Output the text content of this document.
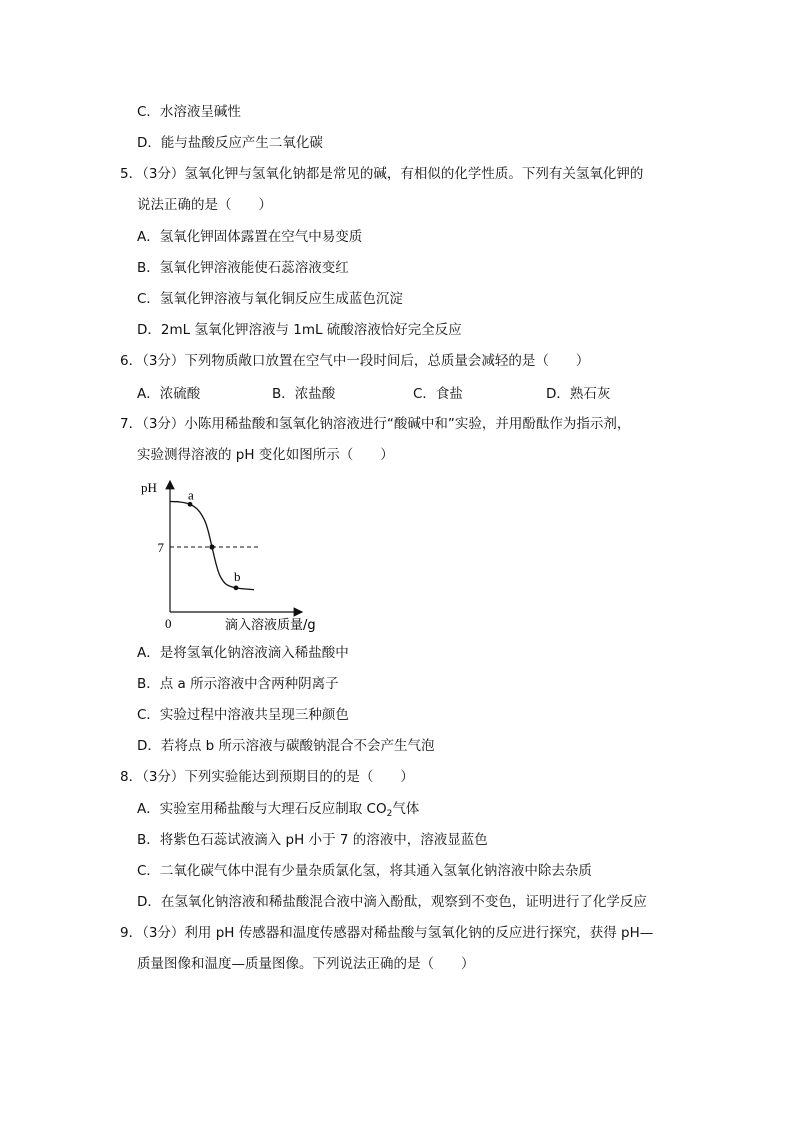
C．水溶液呈碱性
D．能与盐酸反应产生二氧化碳
5．（3分）氢氧化钾与氢氧化钠都是常见的碱，有相似的化学性质。下列有关氢氧化钾的
说法正确的是（　　）
A．氢氧化钾固体露置在空气中易变质
B．氢氧化钾溶液能使石蕊溶液变红
C．氢氧化钾溶液与氧化铜反应生成蓝色沉淀
D．2mL 氢氧化钾溶液与 1mL 硫酸溶液恰好完全反应
6．（3分）下列物质敞口放置在空气中一段时间后，总质量会减轻的是（　　）
A．浓硫酸	B．浓盐酸	C．食盐	D．熟石灰
7．（3分）小陈用稀盐酸和氢氧化钠溶液进行“酸碱中和”实验，并用酚酞作为指示剂，
实验测得溶液的 pH 变化如图所示（　　）
a
b
7
pH
0	滴入溶液质量/g
A．是将氢氧化钠溶液滴入稀盐酸中
B．点 a 所示溶液中含两种阴离子
C．实验过程中溶液共呈现三种颜色
D．若将点 b 所示溶液与碳酸钠混合不会产生气泡
8．（3分）下列实验能达到预期目的的是（　　）
A．实验室用稀盐酸与大理石反应制取 $CO_2$气体
B．将紫色石蕊试液滴入 pH 小于 7 的溶液中，溶液显蓝色
C．二氧化碳气体中混有少量杂质氯化氢，将其通入氢氧化钠溶液中除去杂质
D．在氢氧化钠溶液和稀盐酸混合液中滴入酚酞，观察到不变色，证明进行了化学反应
9．（3分）利用 pH 传感器和温度传感器对稀盐酸与氢氧化钠的反应进行探究，获得 pH—
质量图像和温度—质量图像。下列说法正确的是（　　）
